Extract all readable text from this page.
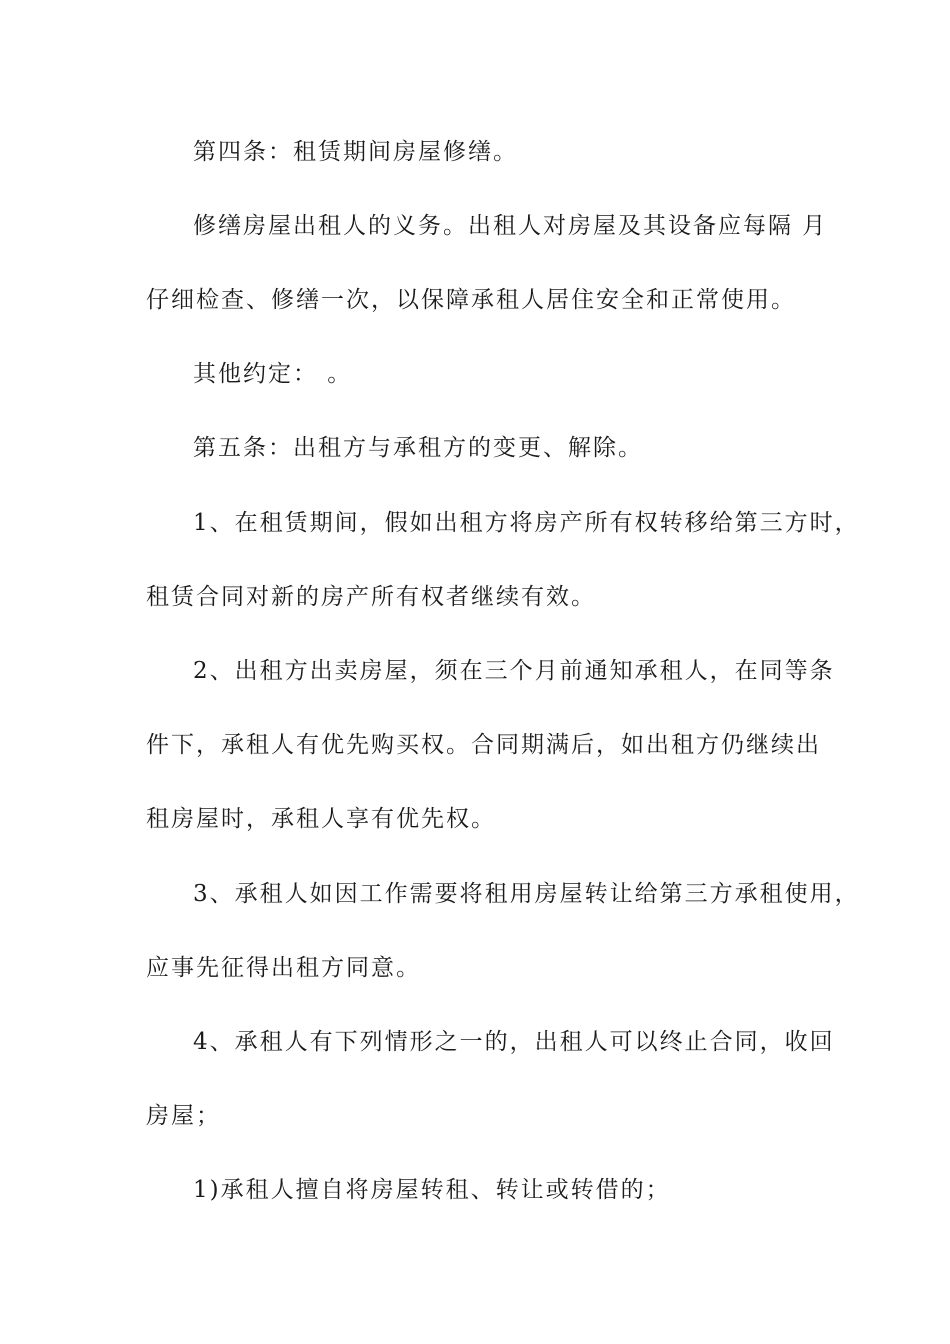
第四条：租赁期间房屋修缮。
修缮房屋出租人的义务。出租人对房屋及其设备应每隔 月
仔细检查、修缮一次，以保障承租人居住安全和正常使用。
其他约定： 。
第五条：出租方与承租方的变更、解除。
1、在租赁期间，假如出租方将房产所有权转移给第三方时，
租赁合同对新的房产所有权者继续有效。
2、出租方出卖房屋，须在三个月前通知承租人，在同等条
件下，承租人有优先购买权。合同期满后，如出租方仍继续出
租房屋时，承租人享有优先权。
3、承租人如因工作需要将租用房屋转让给第三方承租使用，
应事先征得出租方同意。
4、承租人有下列情形之一的，出租人可以终止合同，收回
房屋；
1)承租人擅自将房屋转租、转让或转借的；
